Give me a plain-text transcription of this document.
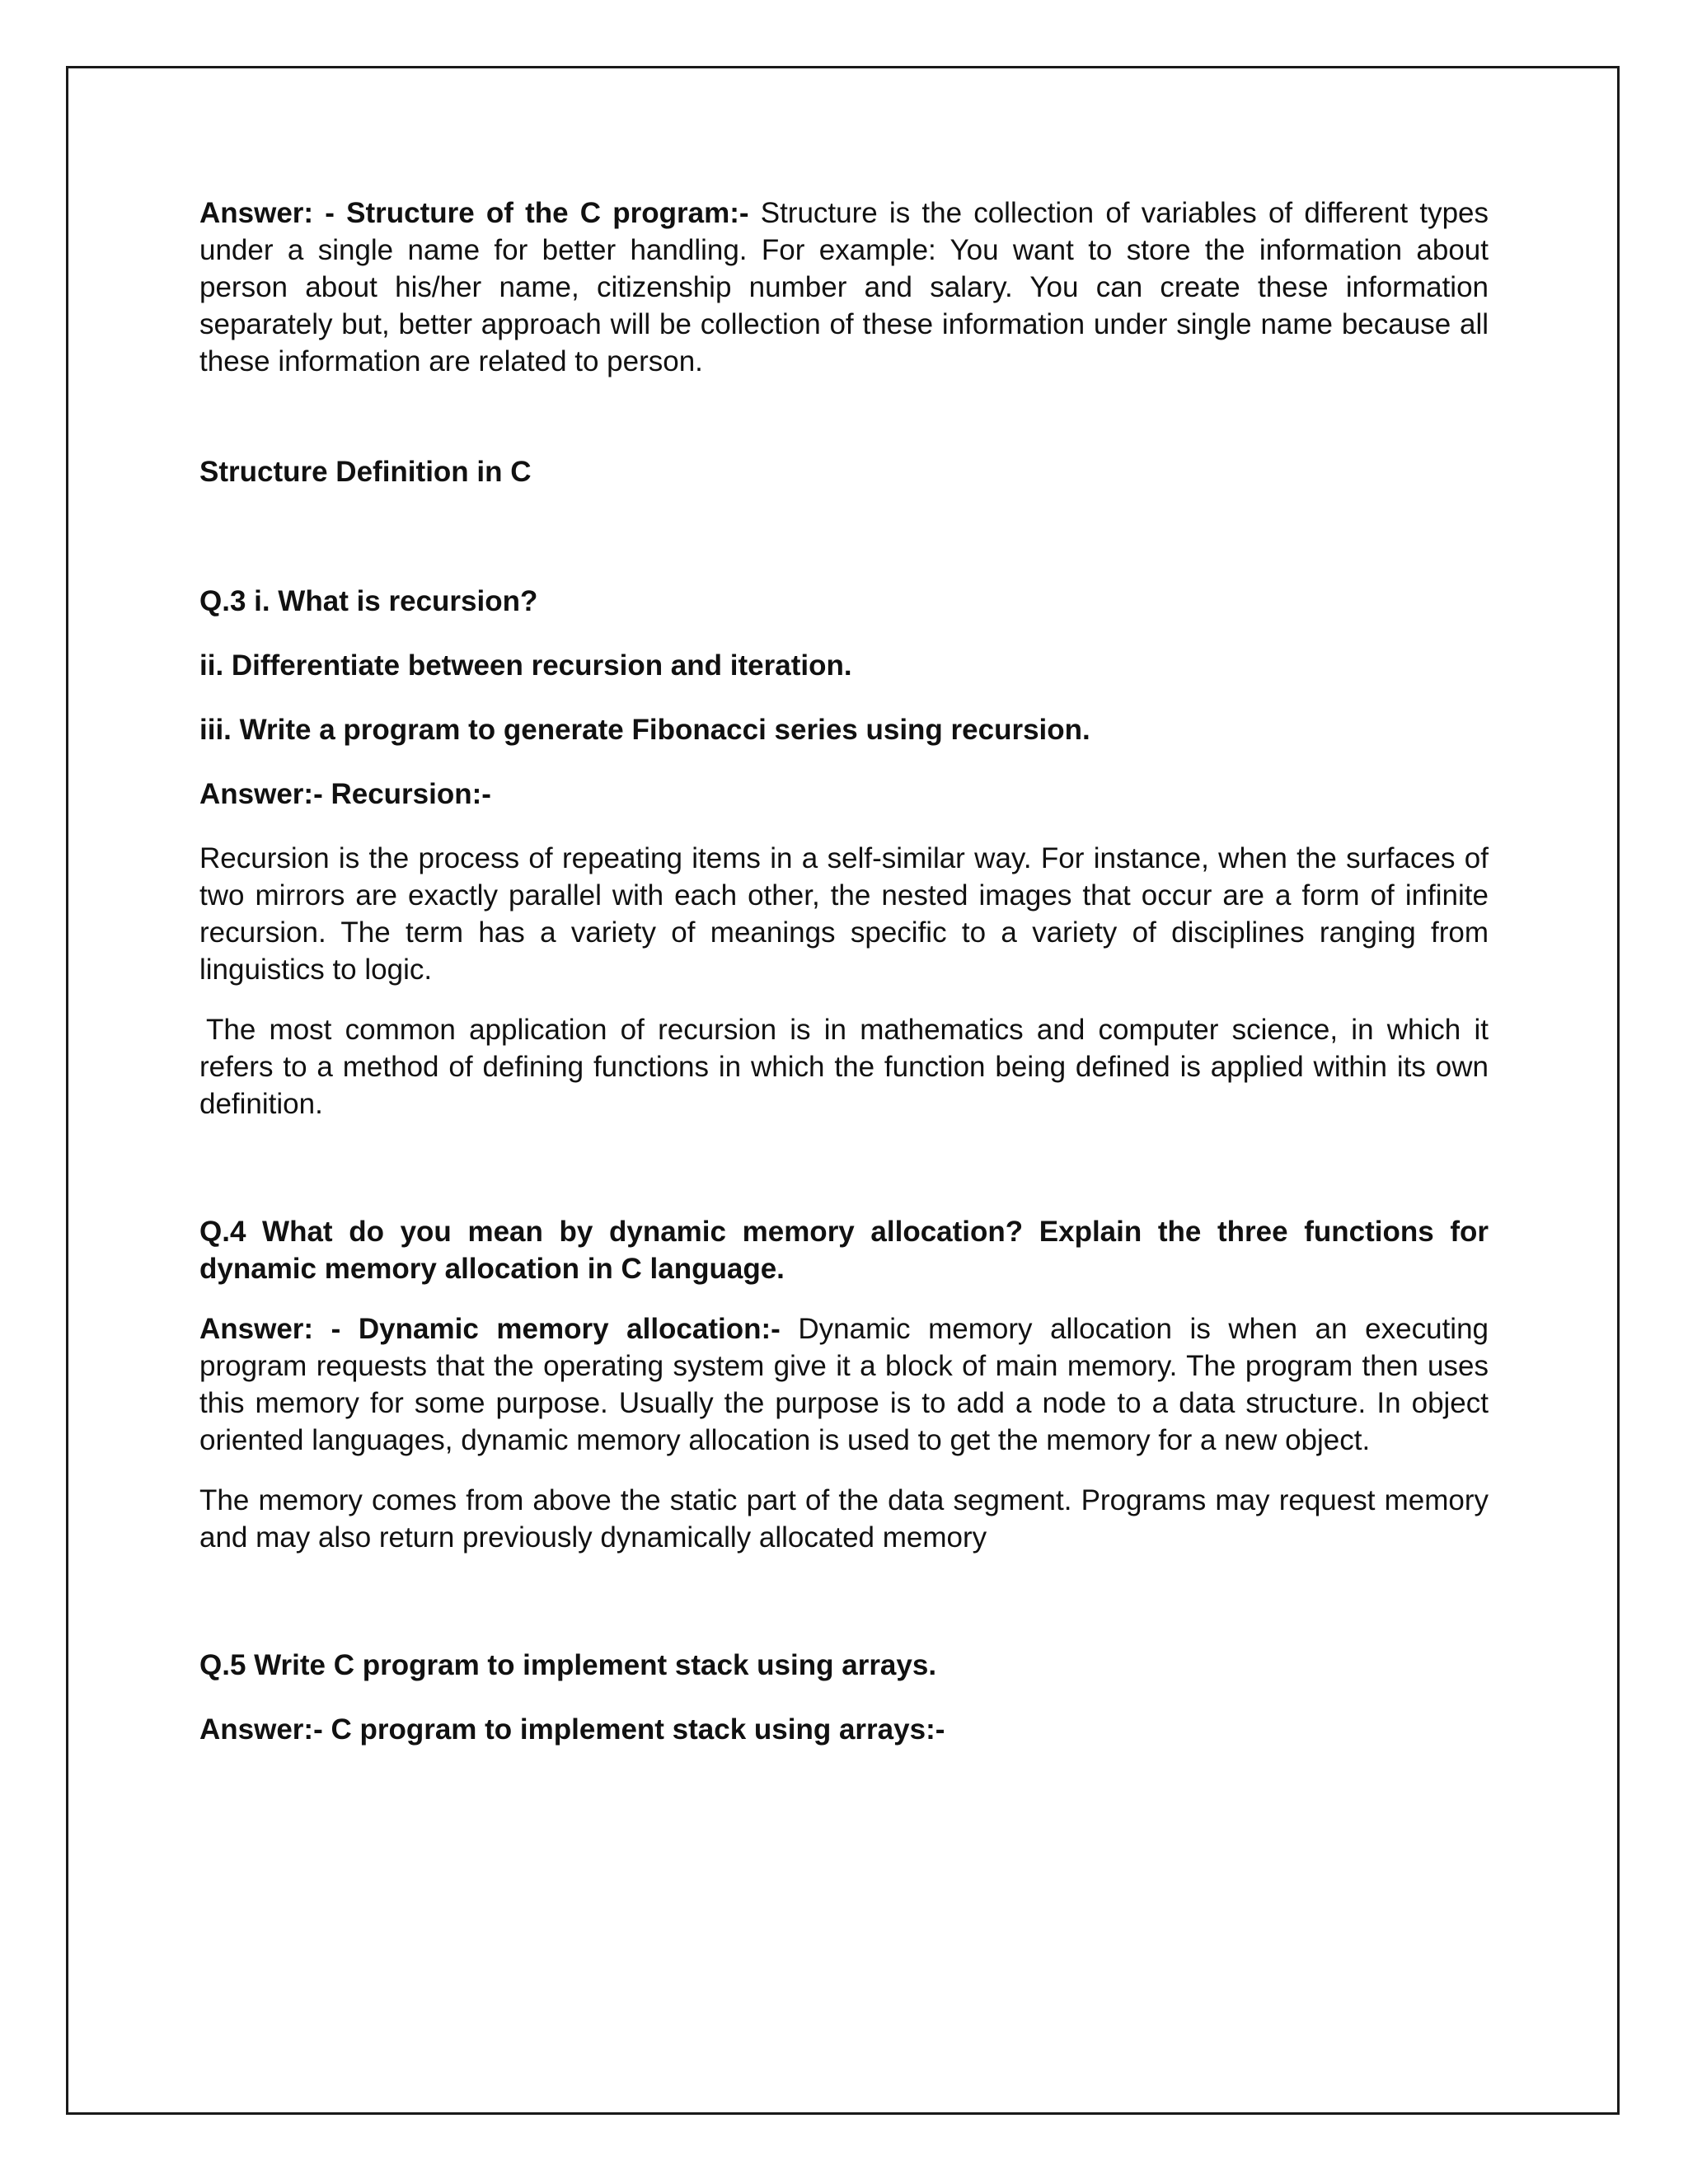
Answer: - Structure of the C program:- Structure is the collection of variables of different types under a single name for better handling. For example: You want to store the information about person about his/her name, citizenship number and salary. You can create these information separately but, better approach will be collection of these information under single name because all these information are related to person.

Structure Definition in C

Q.3 i. What is recursion?

ii. Differentiate between recursion and iteration.

iii. Write a program to generate Fibonacci series using recursion.

Answer:- Recursion:-

Recursion is the process of repeating items in a self-similar way. For instance, when the surfaces of two mirrors are exactly parallel with each other, the nested images that occur are a form of infinite recursion. The term has a variety of meanings specific to a variety of disciplines ranging from linguistics to logic.

The most common application of recursion is in mathematics and computer science, in which it refers to a method of defining functions in which the function being defined is applied within its own definition.

Q.4 What do you mean by dynamic memory allocation? Explain the three functions for dynamic memory allocation in C language.

Answer: - Dynamic memory allocation:- Dynamic memory allocation is when an executing program requests that the operating system give it a block of main memory. The program then uses this memory for some purpose. Usually the purpose is to add a node to a data structure. In object oriented languages, dynamic memory allocation is used to get the memory for a new object.

The memory comes from above the static part of the data segment. Programs may request memory and may also return previously dynamically allocated memory

Q.5 Write C program to implement stack using arrays.

Answer:- C program to implement stack using arrays:-
